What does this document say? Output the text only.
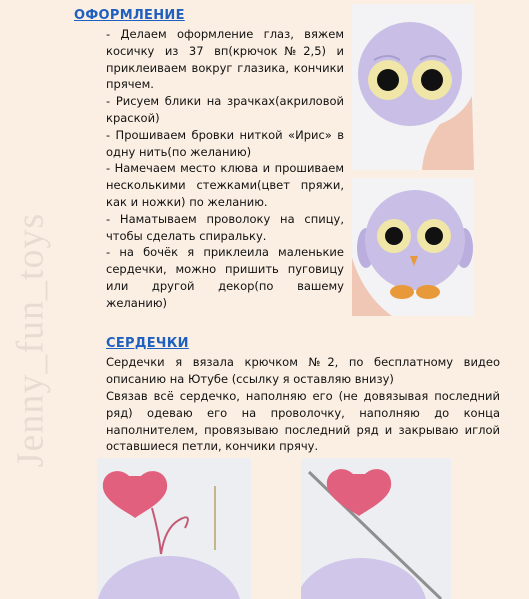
Jenny_fun_toys
ОФОРМЛЕНИЕ

- Делаем оформление глаз, вяжем косичку из 37 вп(крючок№2,5) и приклеиваем вокруг глазика, кончики прячем.

- Рисуем блики на зрачках(акриловой краской)

- Прошиваем бровки ниткой «Ирис» в одну нить(по желанию)

- Намечаем место клюва и прошиваем несколькими стежками(цвет пряжи, как и ножки) по желанию.

- Наматываем проволоку на спицу, чтобы сделать спиральку.

- на бочёк я приклеила маленькие сердечки, можно пришить пуговицу или другой декор(по вашему желанию)

СЕРДЕЧКИ
Сердечки я вязала крючком №2, по бесплатному видео описанию на Ютубе (ссылку я оставляю внизу)
Связав всё сердечко, наполняю его (не довязывая последний ряд) одеваю его на проволочку, наполняю до конца наполнителем, провязываю последний ряд и закрываю иглой оставшиеся петли, кончики прячу.
